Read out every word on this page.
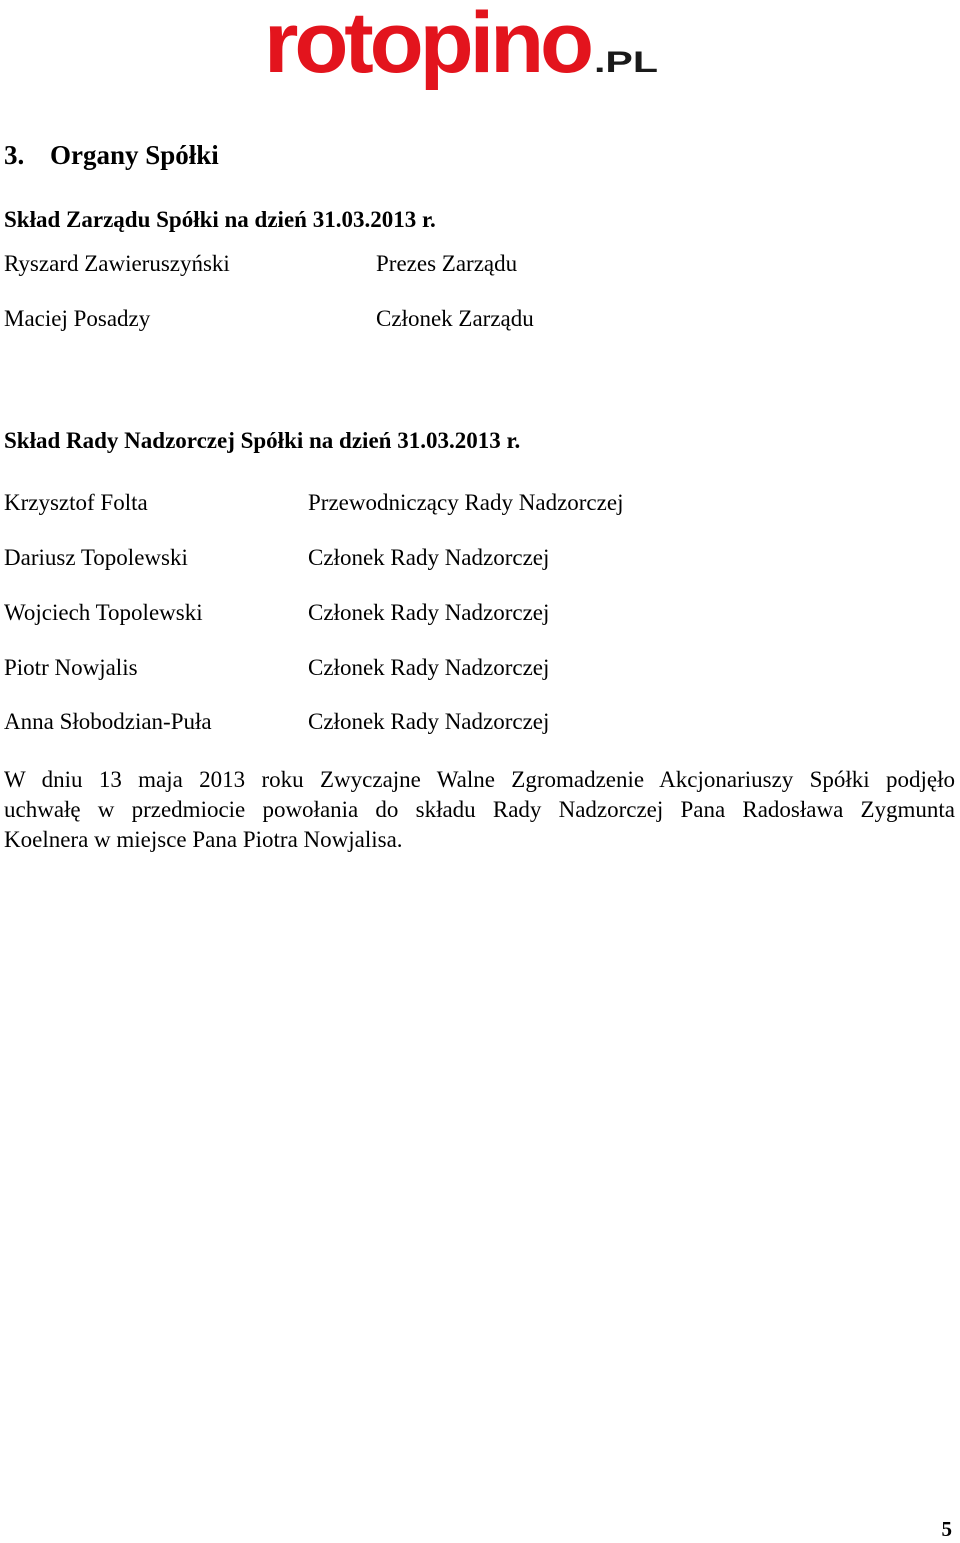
rotopino .PL
3. Organy Spółki
Skład Zarządu Spółki na dzień 31.03.2013 r.
Ryszard Zawieruszyński	Prezes Zarządu
Maciej Posadzy	Członek Zarządu
Skład Rady Nadzorczej Spółki na dzień 31.03.2013 r.
Krzysztof Folta	Przewodniczący Rady Nadzorczej
Dariusz Topolewski	Członek Rady Nadzorczej
Wojciech Topolewski	Członek Rady Nadzorczej
Piotr Nowjalis	Członek Rady Nadzorczej
Anna Słobodzian-Puła	Członek Rady Nadzorczej
W dniu 13 maja 2013 roku Zwyczajne Walne Zgromadzenie Akcjonariuszy Spółki podjęło
uchwałę w przedmiocie powołania do składu Rady Nadzorczej Pana Radosława Zygmunta
Koelnera w miejsce Pana Piotra Nowjalisa.
5
